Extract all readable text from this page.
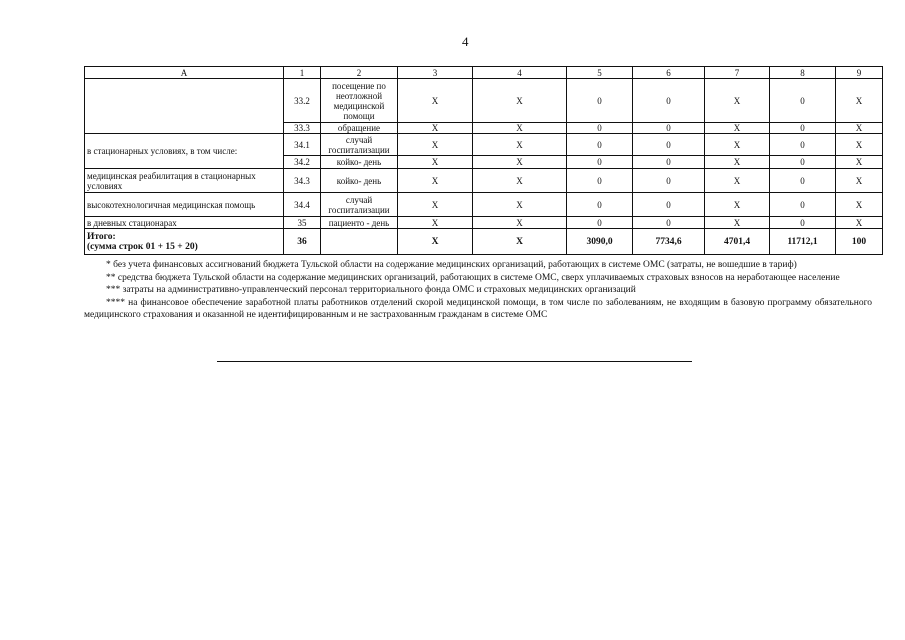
4
А	1	2	3	4	5	6	7	8	9
	33.2	посещение по неотложной медицинской помощи	Х	Х	0	0	Х	0	Х
	33.3	обращение	Х	Х	0	0	Х	0	Х
в стационарных условиях, в том числе:	34.1	случай госпитализации	Х	Х	0	0	Х	0	Х
	34.2	койко- день	Х	Х	0	0	Х	0	Х
медицинская реабилитация в стационарных условиях	34.3	койко- день	Х	Х	0	0	Х	0	Х
высокотехнологичная медицинская помощь	34.4	случай госпитализации	Х	Х	0	0	Х	0	Х
в дневных стационарах	35	пациенто - день	Х	Х	0	0	Х	0	Х
Итого:
(сумма строк 01 + 15 + 20)	36		Х	Х	3090,0	7734,6	4701,4	11712,1	100

* без учета финансовых ассигнований бюджета Тульской области на содержание медицинских организаций, работающих в системе ОМС (затраты, не вошедшие в тариф)

** средства бюджета Тульской области на содержание медицинских организаций, работающих в системе ОМС, сверх уплачиваемых страховых взносов на неработающее население

*** затраты на административно-управленческий персонал территориального фонда ОМС и страховых медицинских организаций

**** на финансовое обеспечение заработной платы работников отделений скорой медицинской помощи, в том числе по заболеваниям, не входящим в базовую программу обязательного медицинского страхования и оказанной не идентифицированным и не застрахованным гражданам в системе ОМС
